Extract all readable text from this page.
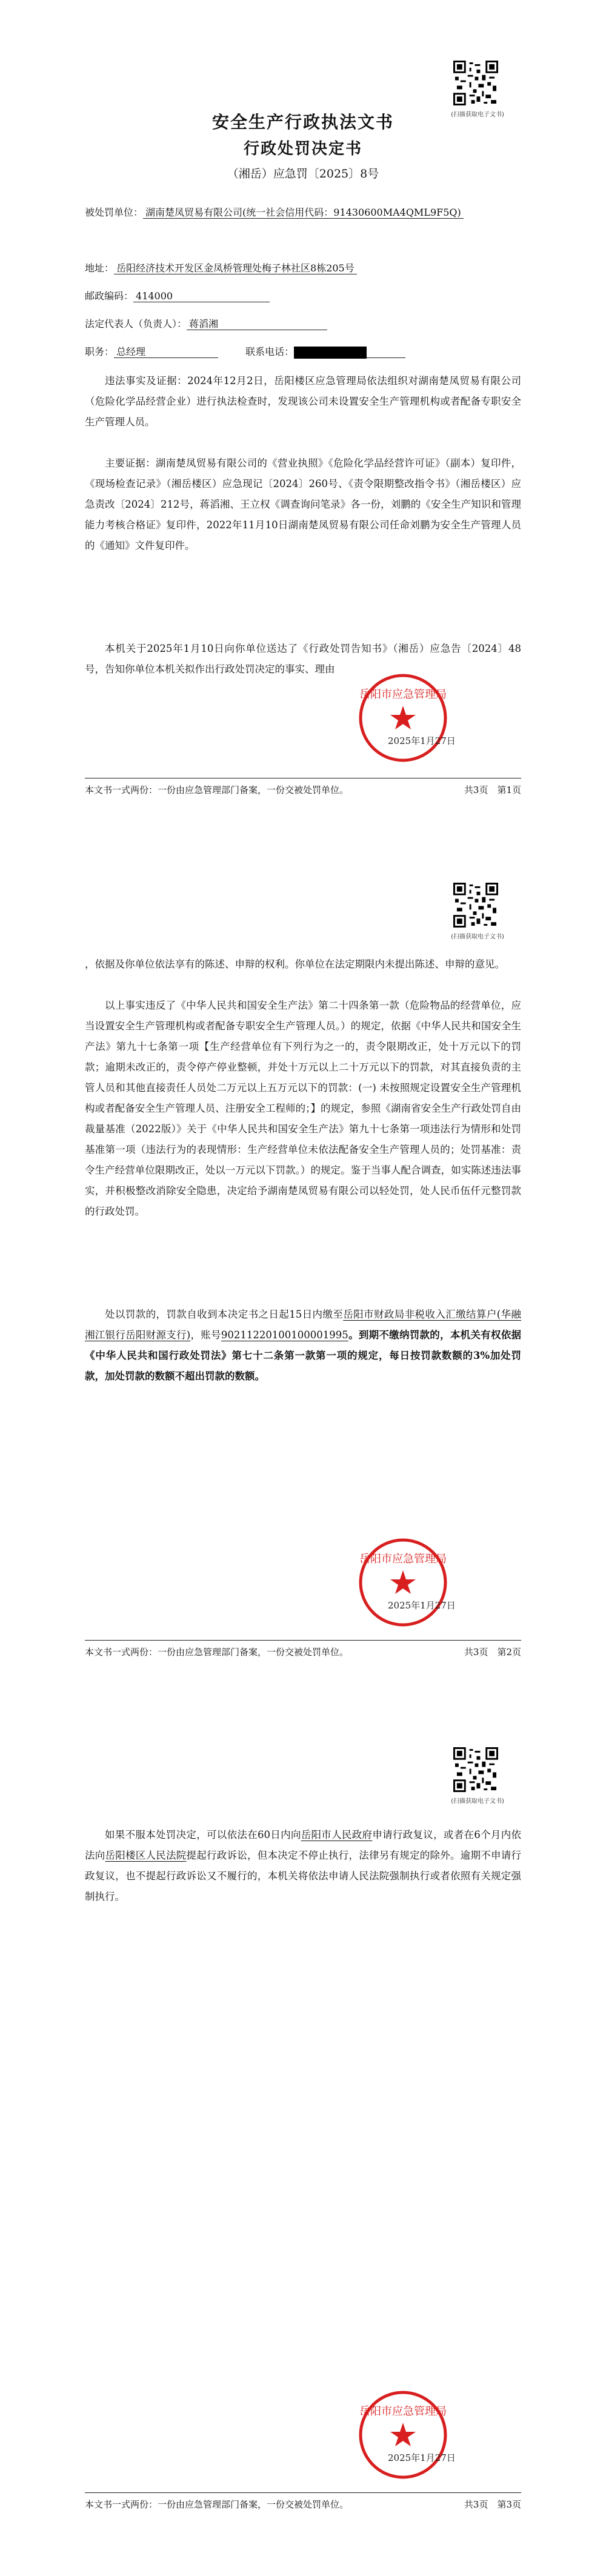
(扫描获取电子文书)
安全生产行政执法文书
行政处罚决定书
（湘岳）应急罚〔2025〕8号
被处罚单位： 湖南楚凤贸易有限公司(统一社会信用代码：91430600MA4QML9F5Q)
地址： 岳阳经济技术开发区金凤桥管理处梅子林社区8栋205号
邮政编码： 414000
法定代表人（负责人）： 蒋滔湘
职务： 总经理	联系电话：
违法事实及证据：2024年12月2日，岳阳楼区应急管理局依法组织对湖南楚凤贸易有限公司（危险化学品经营企业）进行执法检查时，发现该公司未设置安全生产管理机构或者配备专职安全生产管理人员。
主要证据：湖南楚凤贸易有限公司的《营业执照》《危险化学品经营许可证》（副本）复印件，《现场检查记录》（湘岳楼区）应急现记〔2024〕260号、《责令限期整改指令书》（湘岳楼区）应急责改〔2024〕212号，蒋滔湘、王立权《调查询问笔录》各一份，刘鹏的《安全生产知识和管理能力考核合格证》复印件，2022年11月10日湖南楚凤贸易有限公司任命刘鹏为安全生产管理人员的《通知》文件复印件。
本机关于2025年1月10日向你单位送达了《行政处罚告知书》（湘岳）应急告〔2024〕48号，告知你单位本机关拟作出行政处罚决定的事实、理由
岳阳市应急管理局
2025年1月27日
本文书一式两份：一份由应急管理部门备案，一份交被处罚单位。	共3页　第1页
(扫描获取电子文书)
，依据及你单位依法享有的陈述、申辩的权利。你单位在法定期限内未提出陈述、申辩的意见。
以上事实违反了《中华人民共和国安全生产法》第二十四条第一款（危险物品的经营单位，应当设置安全生产管理机构或者配备专职安全生产管理人员。）的规定，依据《中华人民共和国安全生产法》第九十七条第一项【生产经营单位有下列行为之一的，责令限期改正，处十万元以下的罚款；逾期未改正的，责令停产停业整顿，并处十万元以上二十万元以下的罚款，对其直接负责的主管人员和其他直接责任人员处二万元以上五万元以下的罚款：(一) 未按照规定设置安全生产管理机构或者配备安全生产管理人员、注册安全工程师的；】的规定，参照《湖南省安全生产行政处罚自由裁量基准（2022版）》关于《中华人民共和国安全生产法》第九十七条第一项违法行为情形和处罚基准第一项（违法行为的表现情形：生产经营单位未依法配备安全生产管理人员的；处罚基准：责令生产经营单位限期改正，处以一万元以下罚款。）的规定。鉴于当事人配合调查，如实陈述违法事实，并积极整改消除安全隐患，决定给予湖南楚凤贸易有限公司以轻处罚，处人民币伍仟元整罚款的行政处罚。
处以罚款的，罚款自收到本决定书之日起15日内缴至岳阳市财政局非税收入汇缴结算户(华融湘江银行岳阳财源支行)，账号90211220100100001995。到期不缴纳罚款的，本机关有权依据《中华人民共和国行政处罚法》第七十二条第一款第一项的规定，每日按罚款数额的3%加处罚款，加处罚款的数额不超出罚款的数额。
岳阳市应急管理局
2025年1月27日
本文书一式两份：一份由应急管理部门备案，一份交被处罚单位。	共3页　第2页
(扫描获取电子文书)
如果不服本处罚决定，可以依法在60日内向岳阳市人民政府申请行政复议，或者在6个月内依法向岳阳楼区人民法院提起行政诉讼，但本决定不停止执行，法律另有规定的除外。逾期不申请行政复议，也不提起行政诉讼又不履行的，本机关将依法申请人民法院强制执行或者依照有关规定强制执行。
岳阳市应急管理局
2025年1月27日
本文书一式两份：一份由应急管理部门备案，一份交被处罚单位。	共3页　第3页
